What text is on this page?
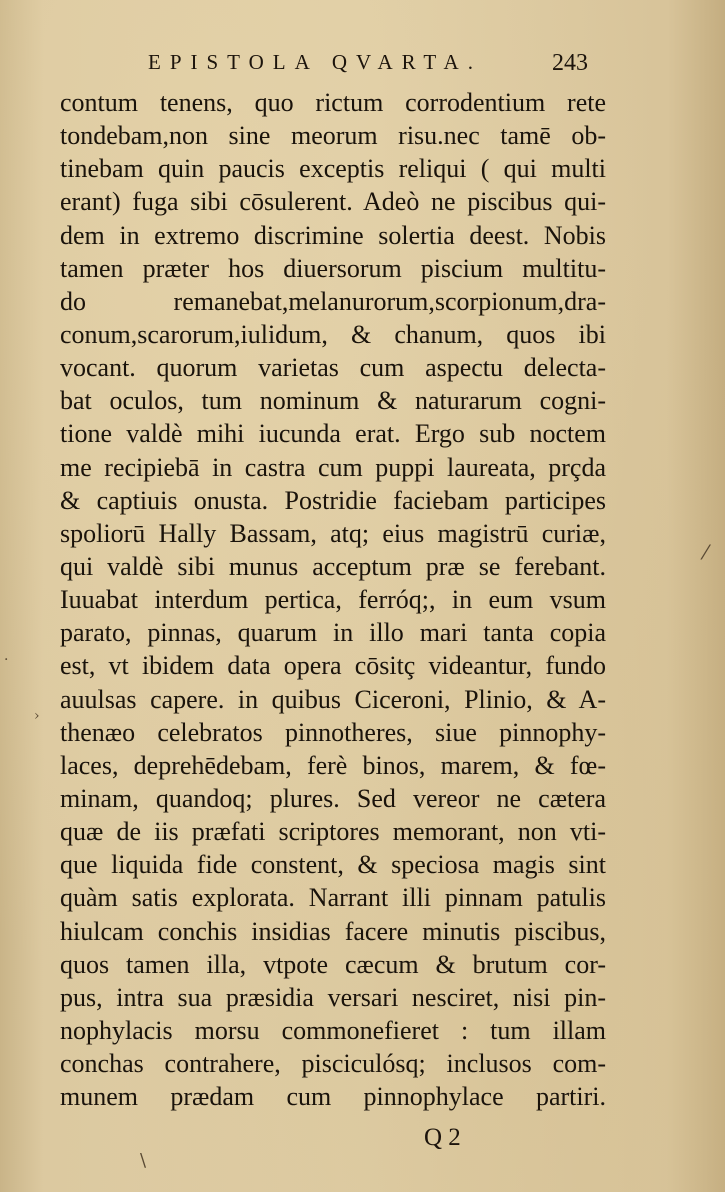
EPISTOLA QVARTA.	243
contum tenens, quo rictum corrodentium rete
tondebam,non sine meorum risu.nec tamē ob-
tinebam quin paucis exceptis reliqui ( qui multi
erant) fuga sibi cōsulerent. Adeò ne piscibus qui-
dem in extremo discrimine solertia deest. Nobis
tamen præter hos diuersorum piscium multitu-
do remanebat,melanurorum,scorpionum,dra-
conum,scarorum,iulidum, & chanum, quos ibi
vocant. quorum varietas cum aspectu delecta-
bat oculos, tum nominum & naturarum cogni-
tione valdè mihi iucunda erat. Ergo sub noctem
me recipiebā in castra cum puppi laureata, prçda
& captiuis onusta. Postridie faciebam participes
spoliorū Hally Bassam, atq; eius magistrū curiæ,
qui valdè sibi munus acceptum præ se ferebant.
Iuuabat interdum pertica, ferróq;, in eum vsum
parato, pinnas, quarum in illo mari tanta copia
est, vt ibidem data opera cōsitç videantur, fundo
auulsas capere. in quibus Ciceroni, Plinio, & A-
thenæo celebratos pinnotheres, siue pinnophy-
laces, deprehēdebam, ferè binos, marem, & fœ-
minam, quandoq; plures. Sed vereor ne cætera
quæ de iis præfati scriptores memorant, non vti-
que liquida fide constent, & speciosa magis sint
quàm satis explorata. Narrant illi pinnam patulis
hiulcam conchis insidias facere minutis piscibus,
quos tamen illa, vtpote cæcum & brutum cor-
pus, intra sua præsidia versari nesciret, nisi pin-
nophylacis morsu commonefieret : tum illam
conchas contrahere, pisciculósq; inclusos com-
munem prædam cum pinnophylace partiri.
Q 2
⁄
·
›
\
